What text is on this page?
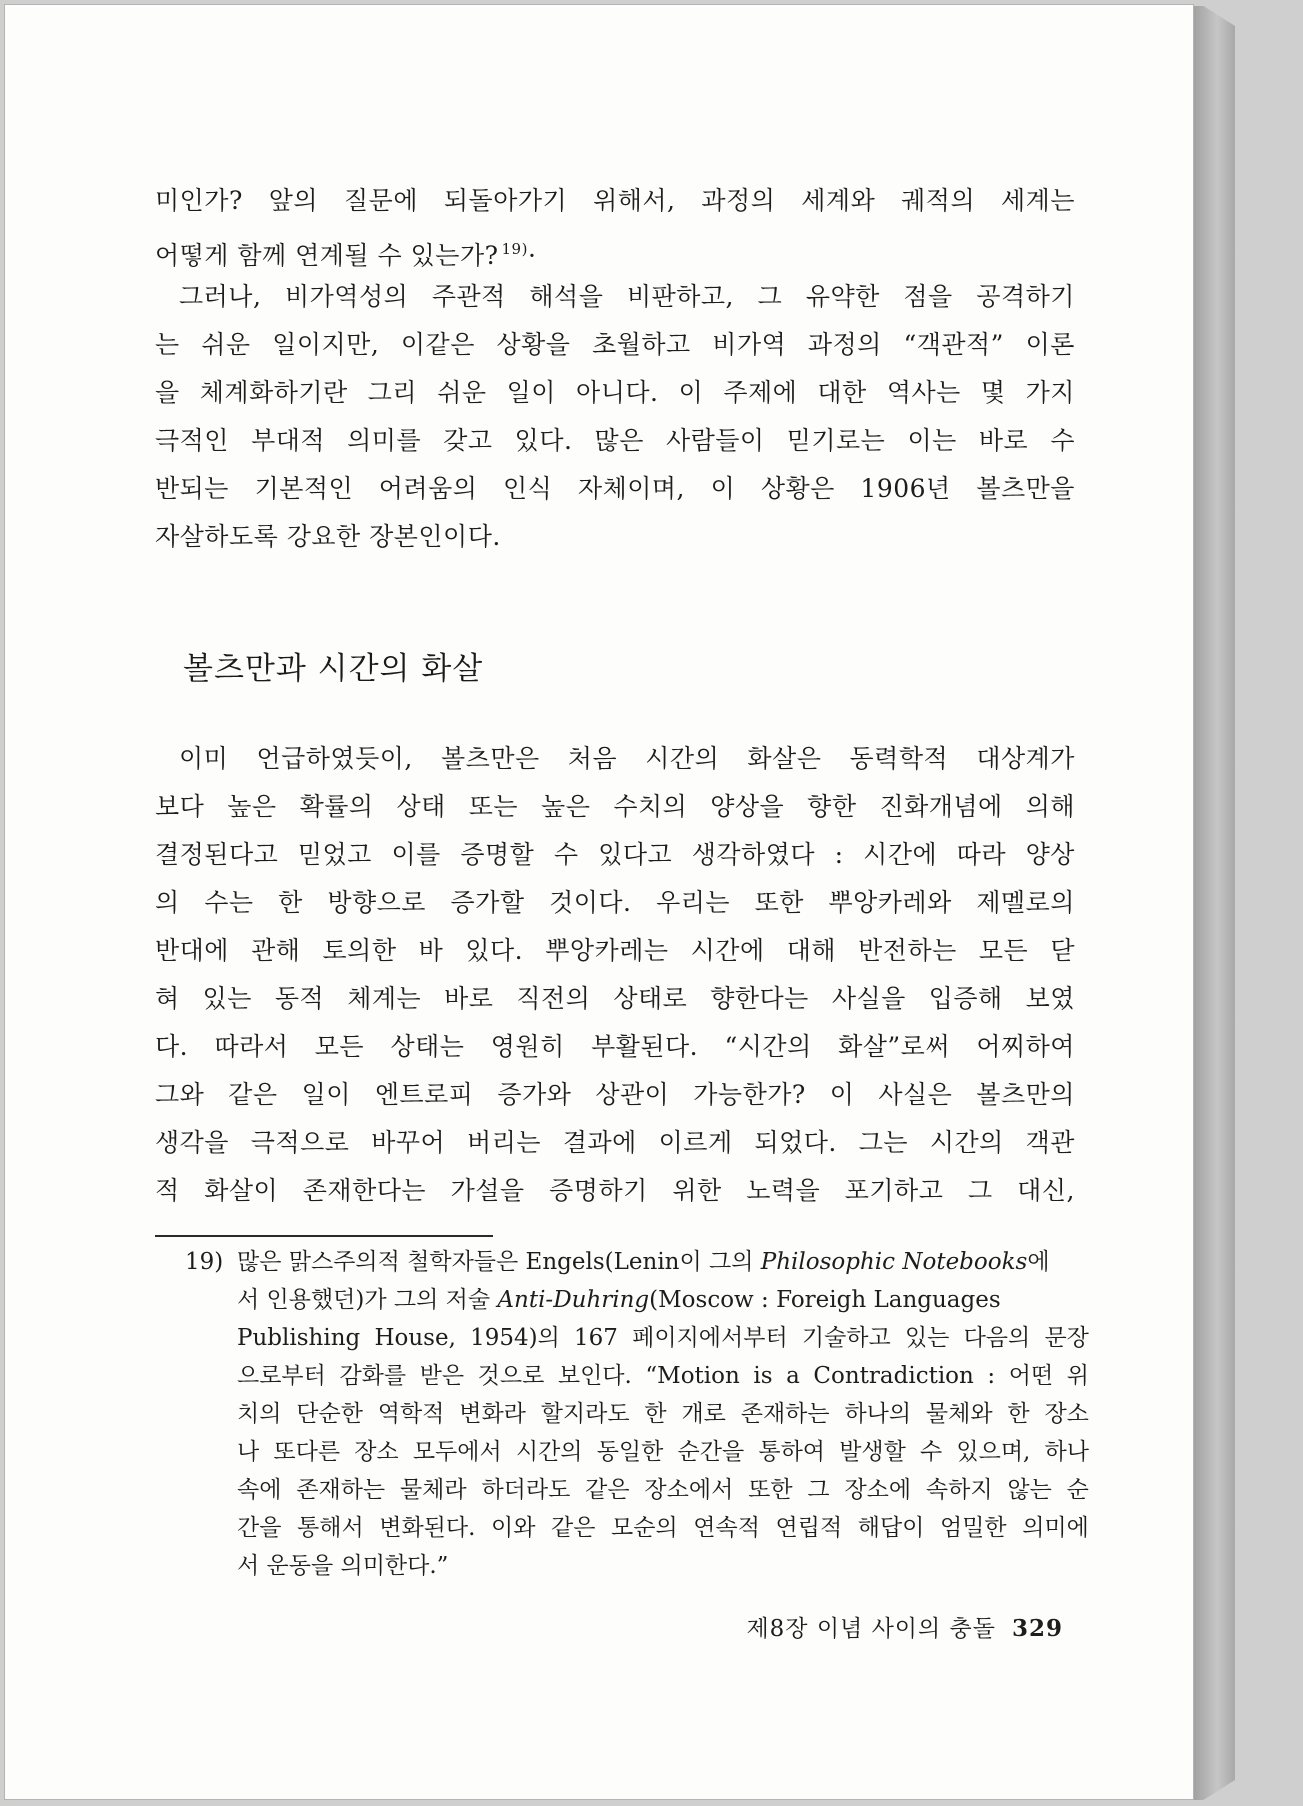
미인가? 앞의 질문에 되돌아가기 위해서, 과정의 세계와 궤적의 세계는
어떻게 함께 연계될 수 있는가? $^{19)}$·
그러나, 비가역성의 주관적 해석을 비판하고, 그 유약한 점을 공격하기
는 쉬운 일이지만, 이같은 상황을 초월하고 비가역 과정의 “객관적” 이론
을 체계화하기란 그리 쉬운 일이 아니다. 이 주제에 대한 역사는 몇 가지
극적인 부대적 의미를 갖고 있다. 많은 사람들이 믿기로는 이는 바로 수
반되는 기본적인 어려움의 인식 자체이며, 이 상황은 1906년 볼츠만을
자살하도록 강요한 장본인이다.
볼츠만과 시간의 화살
이미 언급하였듯이, 볼츠만은 처음 시간의 화살은 동력학적 대상계가
보다 높은 확률의 상태 또는 높은 수치의 양상을 향한 진화개념에 의해
결정된다고 믿었고 이를 증명할 수 있다고 생각하였다 : 시간에 따라 양상
의 수는 한 방향으로 증가할 것이다. 우리는 또한 뿌앙카레와 제멜로의
반대에 관해 토의한 바 있다. 뿌앙카레는 시간에 대해 반전하는 모든 닫
혀 있는 동적 체계는 바로 직전의 상태로 향한다는 사실을 입증해 보였
다. 따라서 모든 상태는 영원히 부활된다. “시간의 화살”로써 어찌하여
그와 같은 일이 엔트로피 증가와 상관이 가능한가? 이 사실은 볼츠만의
생각을 극적으로 바꾸어 버리는 결과에 이르게 되었다. 그는 시간의 객관
적 화살이 존재한다는 가설을 증명하기 위한 노력을 포기하고 그 대신,
19) 많은 맑스주의적 철학자들은 Engels(Lenin이 그의 Philosophic Notebooks에
서 인용했던)가 그의 저술 Anti-Duhring(Moscow : Foreigh Languages
Publishing House, 1954)의 167 페이지에서부터 기술하고 있는 다음의 문장
으로부터 감화를 받은 것으로 보인다. “Motion is a Contradiction : 어떤 위
치의 단순한 역학적 변화라 할지라도 한 개로 존재하는 하나의 물체와 한 장소
나 또다른 장소 모두에서 시간의 동일한 순간을 통하여 발생할 수 있으며, 하나
속에 존재하는 물체라 하더라도 같은 장소에서 또한 그 장소에 속하지 않는 순
간을 통해서 변화된다. 이와 같은 모순의 연속적 연립적 해답이 엄밀한 의미에
서 운동을 의미한다.”
제8장 이념 사이의 충돌 329
